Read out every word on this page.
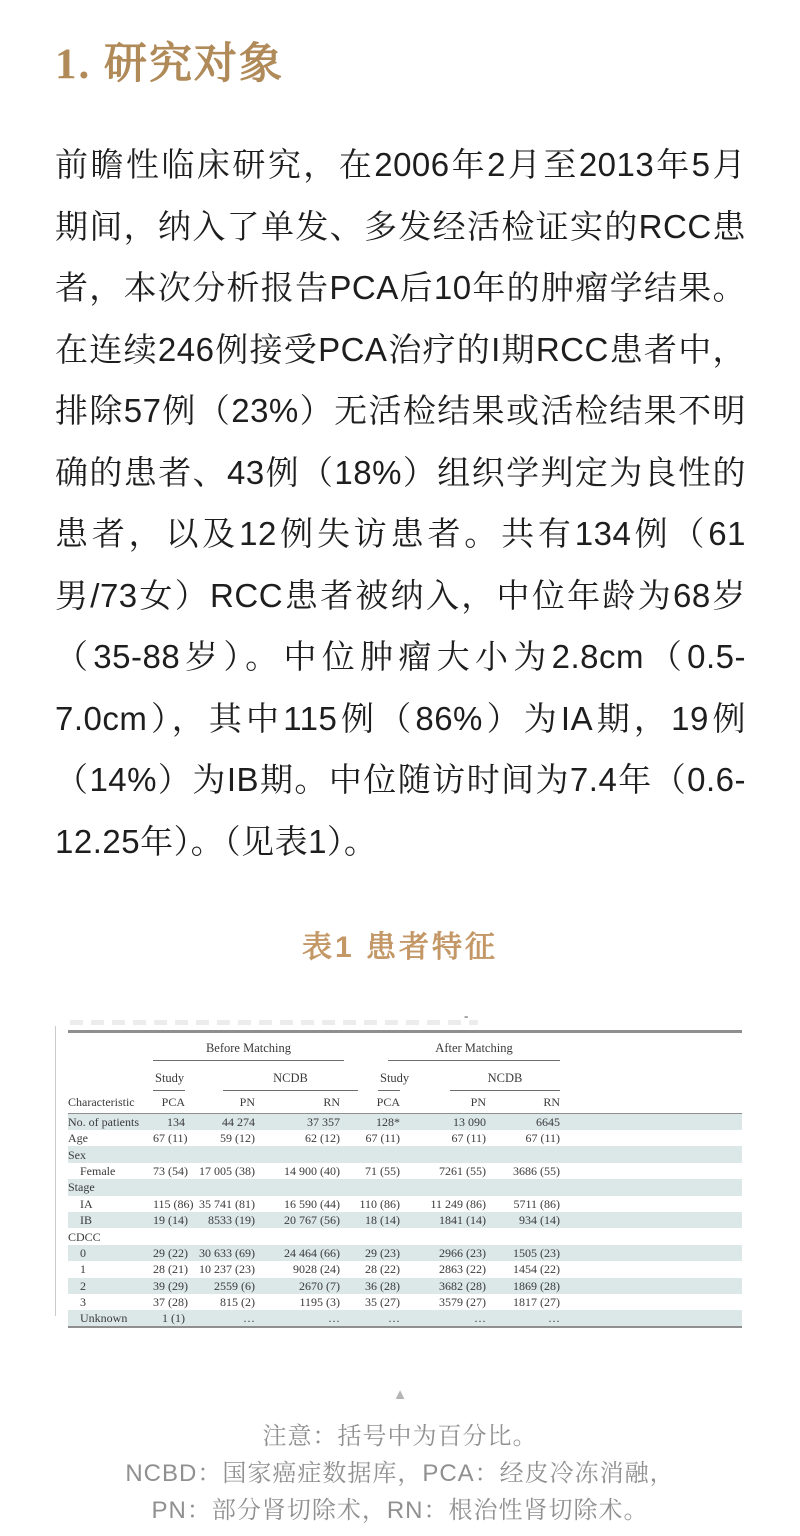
1. 研究对象

前瞻性临床研究，在2006年2月至2013年5月期间，纳入了单发、多发经活检证实的RCC患者，本次分析报告PCA后10年的肿瘤学结果。在连续246例接受PCA治疗的I期RCC患者中，排除57例（23%）无活检结果或活检结果不明确的患者、43例（18%）组织学判定为良性的患者，以及12例失访患者。共有134例（61男/73女）RCC患者被纳入，中位年龄为68岁（35-88岁）。中位肿瘤大小为2.8cm（0.5-7.0cm），其中115例（86%）为IA期，19例（14%）为IB期。中位随访时间为7.4年（0.6-12.25年）。（见表1）。

表1 患者特征
-

	Before Matching			After Matching			

	Study	NCDB		Study	NCDB		

Characteristic	PCA	PN	RN	PCA	PN	RN	
No. of patients	134	44 274	37 357	128*	13 090	6645	
Age	67 (11)	59 (12)	62 (12)	67 (11)	67 (11)	67 (11)	
Sex							
Female	73 (54)	17 005 (38)	14 900 (40)	71 (55)	7261 (55)	3686 (55)	
Stage							
IA	115 (86)	35 741 (81)	16 590 (44)	110 (86)	11 249 (86)	5711 (86)	
IB	19 (14)	8533 (19)	20 767 (56)	18 (14)	1841 (14)	934 (14)	
CDCC							
0	29 (22)	30 633 (69)	24 464 (66)	29 (23)	2966 (23)	1505 (23)	
1	28 (21)	10 237 (23)	9028 (24)	28 (22)	2863 (22)	1454 (22)	
2	39 (29)	2559 (6)	2670 (7)	36 (28)	3682 (28)	1869 (28)	
3	37 (28)	815 (2)	1195 (3)	35 (27)	3579 (27)	1817 (27)	
Unknown	1 (1)	…	…	…	…	…	
▲

注意：括号中为百分比。

NCBD：国家癌症数据库，PCA：经皮冷冻消融，

PN：部分肾切除术，RN：根治性肾切除术。
